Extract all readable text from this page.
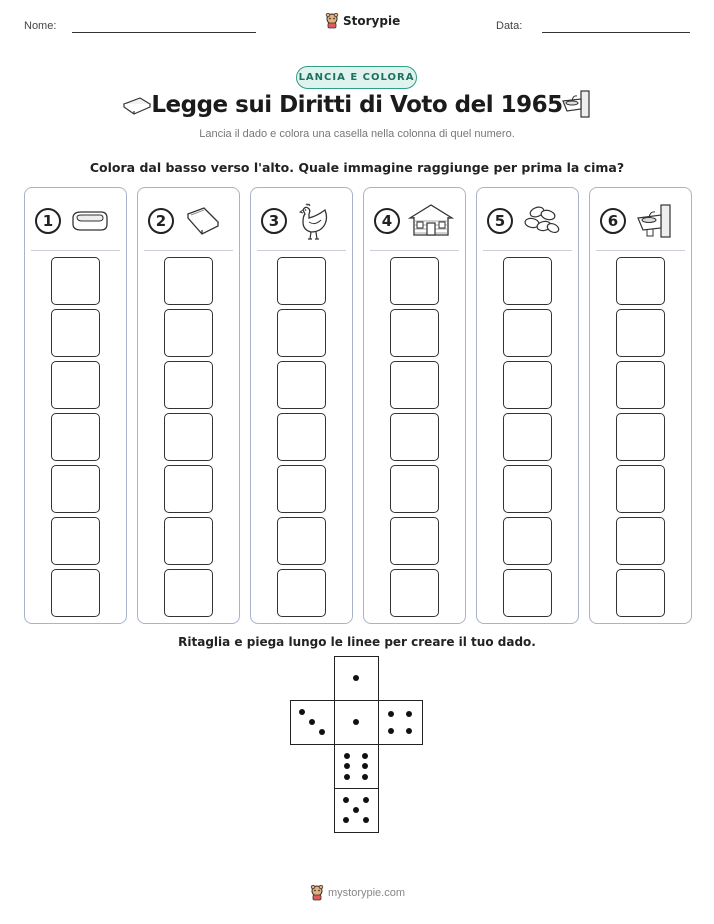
Nome:	Storypie	Data:
LANCIA E COLORA
Legge sui Diritti di Voto del 1965
Lancia il dado e colora una casella nella colonna di quel numero.
Colora dal basso verso l'alto. Quale immagine raggiunge per prima la cima?
1	2	3	4	5	6
Ritaglia e piega lungo le linee per creare il tuo dado.
mystorypie.com
